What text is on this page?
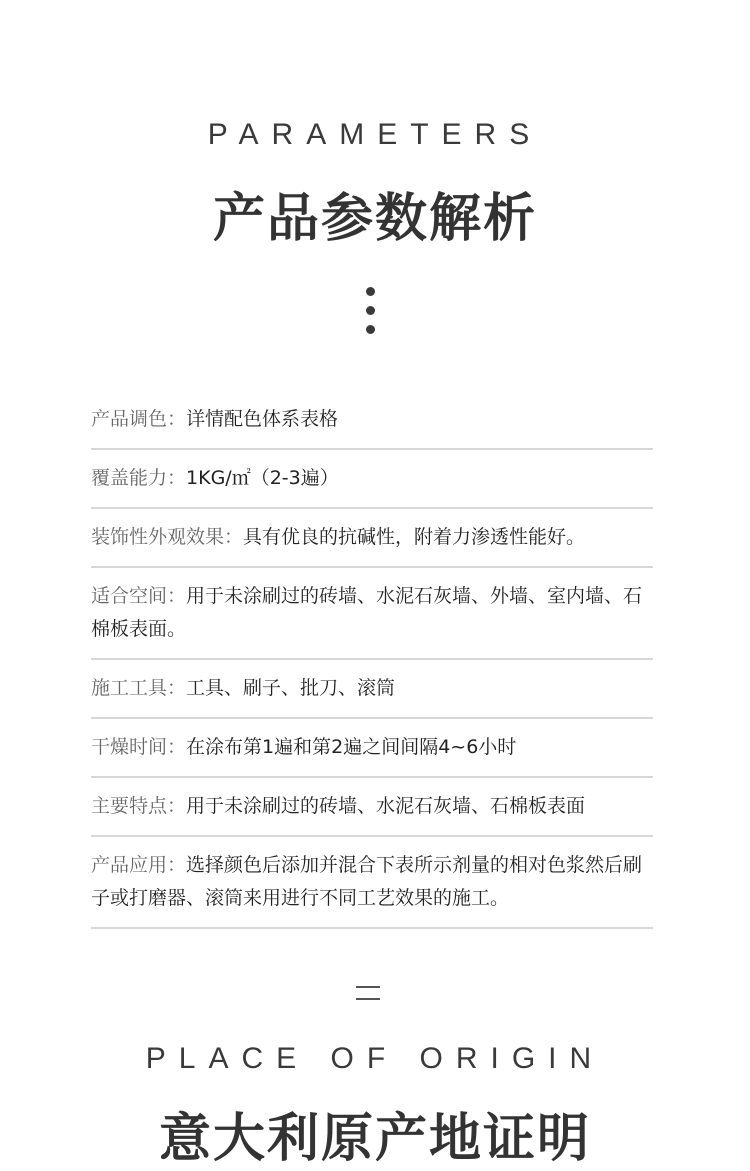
PARAMETERS
产品参数解析
产品调色：详情配色体系表格
覆盖能力：1KG/㎡（2-3遍）
装饰性外观效果：具有优良的抗碱性，附着力渗透性能好。
适合空间：用于未涂刷过的砖墙、水泥石灰墙、外墙、室内墙、石棉板表面。
施工工具：工具、刷子、批刀、滚筒
干燥时间：在涂布第1遍和第2遍之间间隔4~6小时
主要特点：用于未涂刷过的砖墙、水泥石灰墙、石棉板表面
产品应用：选择颜色后添加并混合下表所示剂量的相对色浆然后刷子或打磨器、滚筒来用进行不同工艺效果的施工。
PLACE OF ORIGIN
意大利原产地证明
